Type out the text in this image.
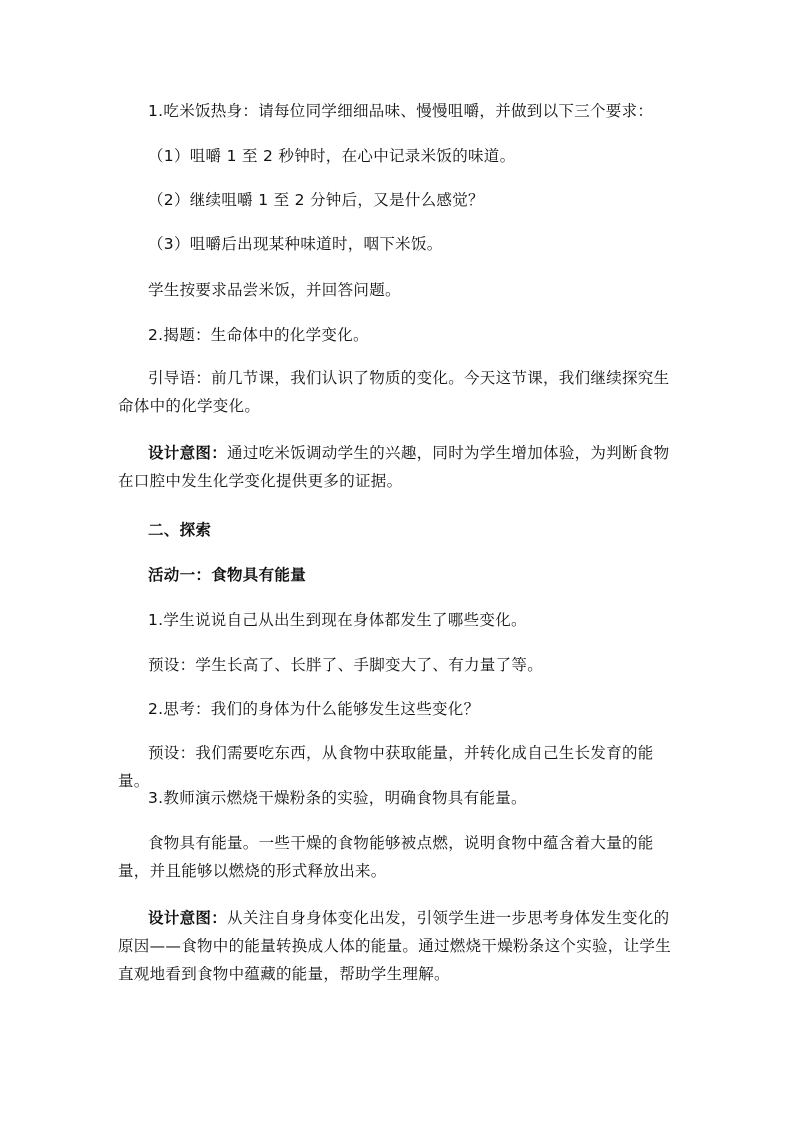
1.吃米饭热身：请每位同学细细品味、慢慢咀嚼，并做到以下三个要求：

（1）咀嚼 1 至 2 秒钟时，在心中记录米饭的味道。

（2）继续咀嚼 1 至 2 分钟后，又是什么感觉？

（3）咀嚼后出现某种味道时，咽下米饭。

学生按要求品尝米饭，并回答问题。

2.揭题：生命体中的化学变化。

引导语：前几节课，我们认识了物质的变化。今天这节课，我们继续探究生命体中的化学变化。

设计意图：通过吃米饭调动学生的兴趣，同时为学生增加体验，为判断食物在口腔中发生化学变化提供更多的证据。

二、探索

活动一：食物具有能量

1.学生说说自己从出生到现在身体都发生了哪些变化。

预设：学生长高了、长胖了、手脚变大了、有力量了等。

2.思考：我们的身体为什么能够发生这些变化？

预设：我们需要吃东西，从食物中获取能量，并转化成自己生长发育的能量。

3.教师演示燃烧干燥粉条的实验，明确食物具有能量。

食物具有能量。一些干燥的食物能够被点燃，说明食物中蕴含着大量的能量，并且能够以燃烧的形式释放出来。

设计意图：从关注自身身体变化出发，引领学生进一步思考身体发生变化的原因——食物中的能量转换成人体的能量。通过燃烧干燥粉条这个实验，让学生直观地看到食物中蕴藏的能量，帮助学生理解。
